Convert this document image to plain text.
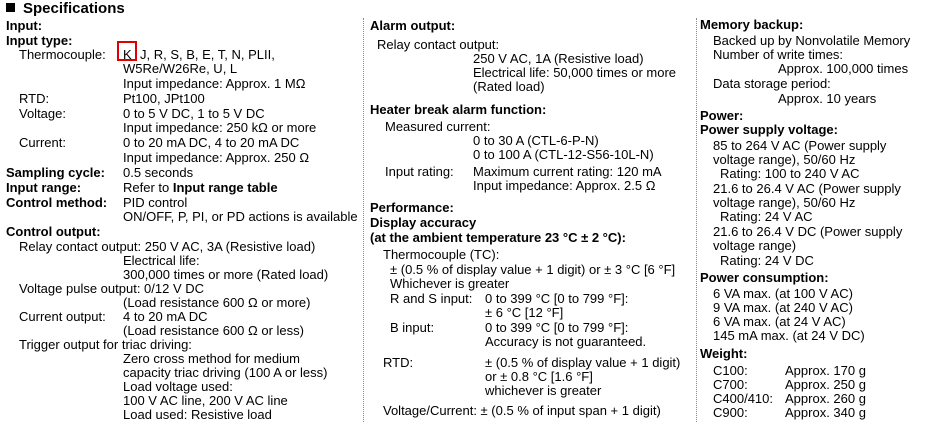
Specifications
Input:
Input type:
Thermocouple: K J, R, S, B, E, T, N, PLII,
W5Re/W26Re, U, L
Input impedance: Approx. 1 MΩ
RTD:	Pt100, JPt100
Voltage:	0 to 5 V DC, 1 to 5 V DC
Input impedance: 250 kΩ or more
Current:	0 to 20 mA DC, 4 to 20 mA DC
Input impedance: Approx. 250 Ω
Sampling cycle: 0.5 seconds
Input range:	Refer to Input range table
Control method: PID control
ON/OFF, P, PI, or PD actions is available
Control output:
Relay contact output: 250 V AC, 3A (Resistive load)
Electrical life:
300,000 times or more (Rated load)
Voltage pulse output: 0/12 V DC
(Load resistance 600 Ω or more)
Current output: 4 to 20 mA DC
(Load resistance 600 Ω or less)
Trigger output for triac driving:
Zero cross method for medium
capacity triac driving (100 A or less)
Load voltage used:
100 V AC line, 200 V AC line
Load used: Resistive load
Alarm output:
Relay contact output:
250 V AC, 1A (Resistive load)
Electrical life: 50,000 times or more
(Rated load)
Heater break alarm function:
Measured current:
0 to 30 A (CTL-6-P-N)
0 to 100 A (CTL-12-S56-10L-N)
Input rating: Maximum current rating: 120 mA
Input impedance: Approx. 2.5 Ω
Performance:
Display accuracy
(at the ambient temperature 23 °C ± 2 °C):
Thermocouple (TC):
± (0.5 % of display value + 1 digit) or ± 3 °C [6 °F]
Whichever is greater
R and S input: 0 to 399 °C [0 to 799 °F]:
± 6 °C [12 °F]
B input:	0 to 399 °C [0 to 799 °F]:
Accuracy is not guaranteed.
RTD:	± (0.5 % of display value + 1 digit)
or ± 0.8 °C [1.6 °F]
whichever is greater
Voltage/Current: ± (0.5 % of input span + 1 digit)
Memory backup:
Backed up by Nonvolatile Memory
Number of write times:
Approx. 100,000 times
Data storage period:
Approx. 10 years
Power:
Power supply voltage:
85 to 264 V AC (Power supply
voltage range), 50/60 Hz
Rating: 100 to 240 V AC
21.6 to 26.4 V AC (Power supply
voltage range), 50/60 Hz
Rating: 24 V AC
21.6 to 26.4 V DC (Power supply
voltage range)
Rating: 24 V DC
Power consumption:
6 VA max. (at 100 V AC)
9 VA max. (at 240 V AC)
6 VA max. (at 24 V AC)
145 mA max. (at 24 V DC)
Weight:
C100:	Approx. 170 g
C700:	Approx. 250 g
C400/410: Approx. 260 g
C900:	Approx. 340 g
